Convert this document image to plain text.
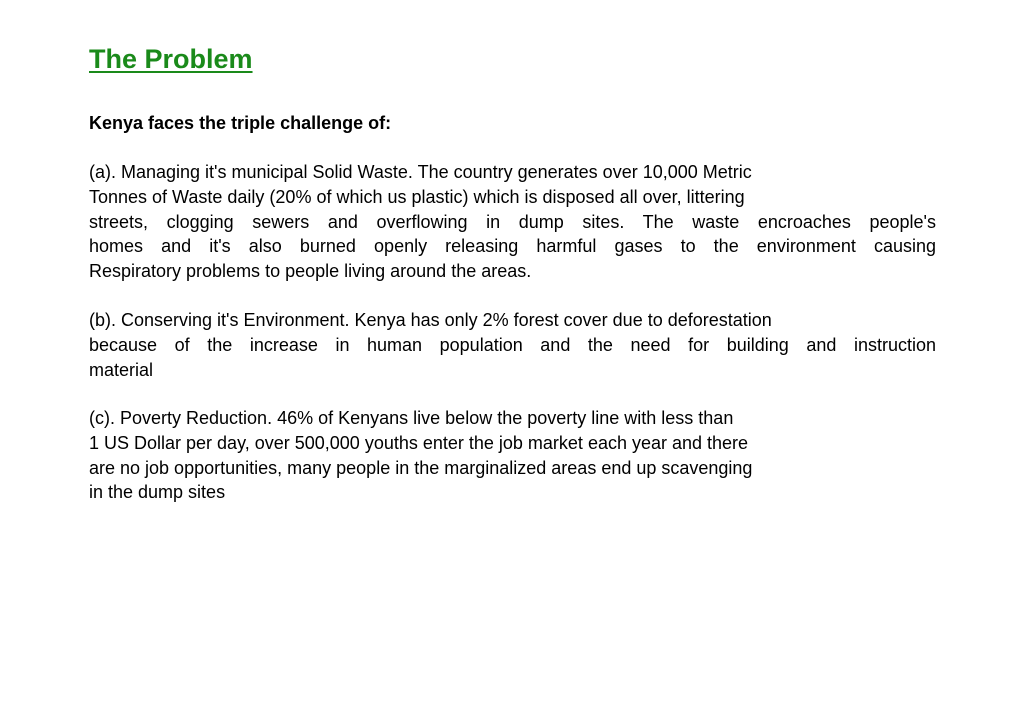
The Problem

Kenya faces the triple challenge of:

(a). Managing it's municipal Solid Waste. The country generates over 10,000 Metric
Tonnes of Waste daily (20% of which us plastic) which is disposed all over, littering
streets, clogging sewers and overflowing in dump sites. The waste encroaches people's
homes and it's also burned openly releasing harmful gases to the environment causing
Respiratory problems to people living around the areas.
(b). Conserving it's Environment. Kenya has only 2% forest cover due to deforestation
because of the increase in human population and the need for building and instruction
material
(c). Poverty Reduction. 46% of Kenyans live below the poverty line with less than
1 US Dollar per day, over 500,000 youths enter the job market each year and there
are no job opportunities, many people in the marginalized areas end up scavenging
in the dump sites
